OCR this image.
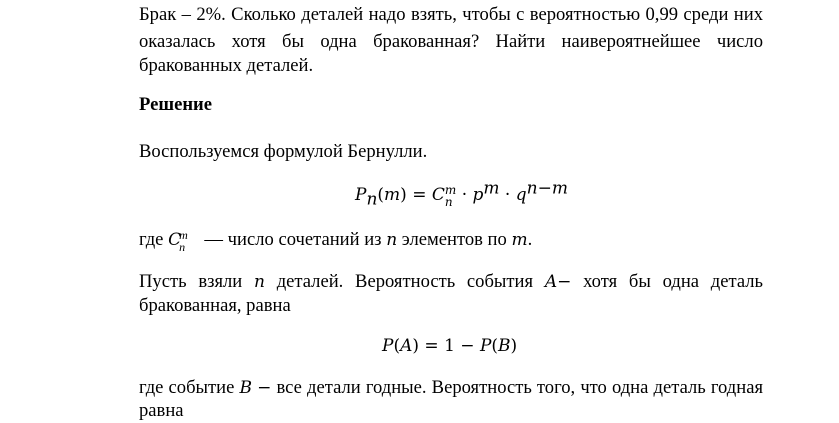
Брак – 2%. Сколько деталей надо взять, чтобы с вероятностью 0,99 среди них
оказалась хотя бы одна бракованная? Найти наивероятнейшее число
бракованных деталей.
Решение
Воспользуемся формулой Бернулли.
$P_n(m) = C$ m
$n \cdot p^m \cdot q^{n-m}$
где C
m
n — число сочетаний из n элементов по m.
Пусть взяли n деталей. Вероятность события A− хотя бы одна деталь
бракованная, равна
P(A) = 1 − P(B)
где событие B − все детали годные. Вероятность того, что одна деталь годная
равна
